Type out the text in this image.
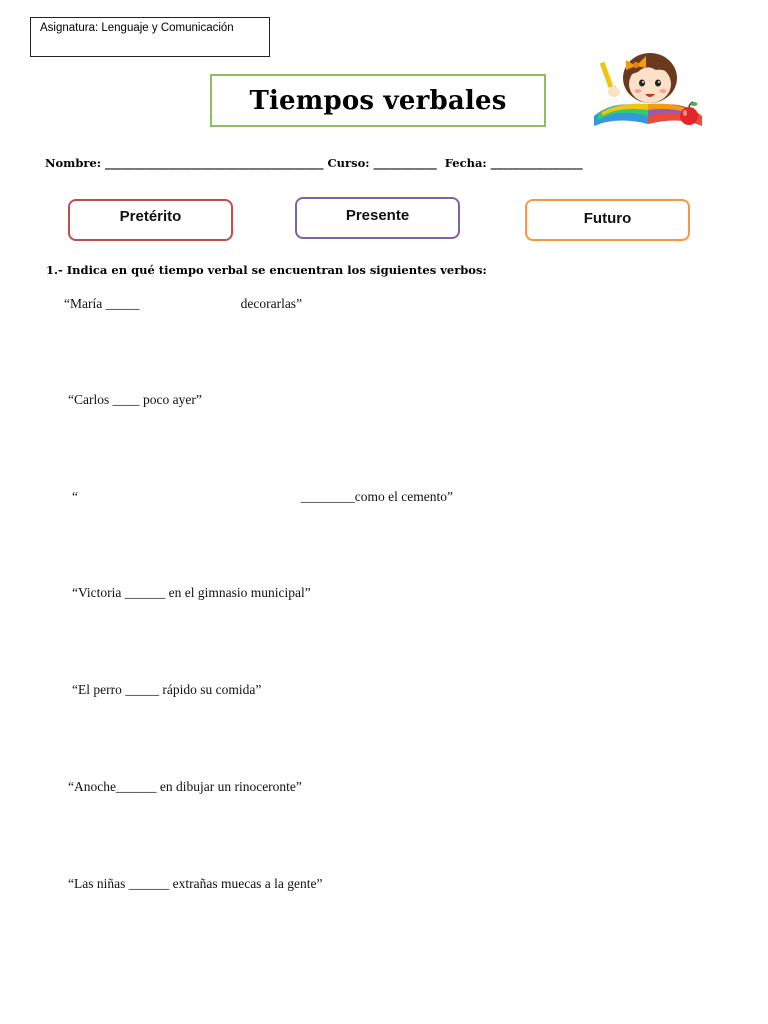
Asignatura: Lenguaje y Comunicación
Tiempos verbales
Nombre: ______________________________________ Curso: ___________  Fecha: ________________
Pretérito	Presente	Futuro
1.- Indica en qué tiempo verbal se encuentran los siguientes verbos:
“María _____                              decorarlas”
“Carlos ____ poco ayer”
“                                                                  ________como el cemento”
“Victoria ______ en el gimnasio municipal”
“El perro _____ rápido su comida”
“Anoche______ en dibujar un rinoceronte”
“Las niñas ______ extrañas muecas a la gente”
